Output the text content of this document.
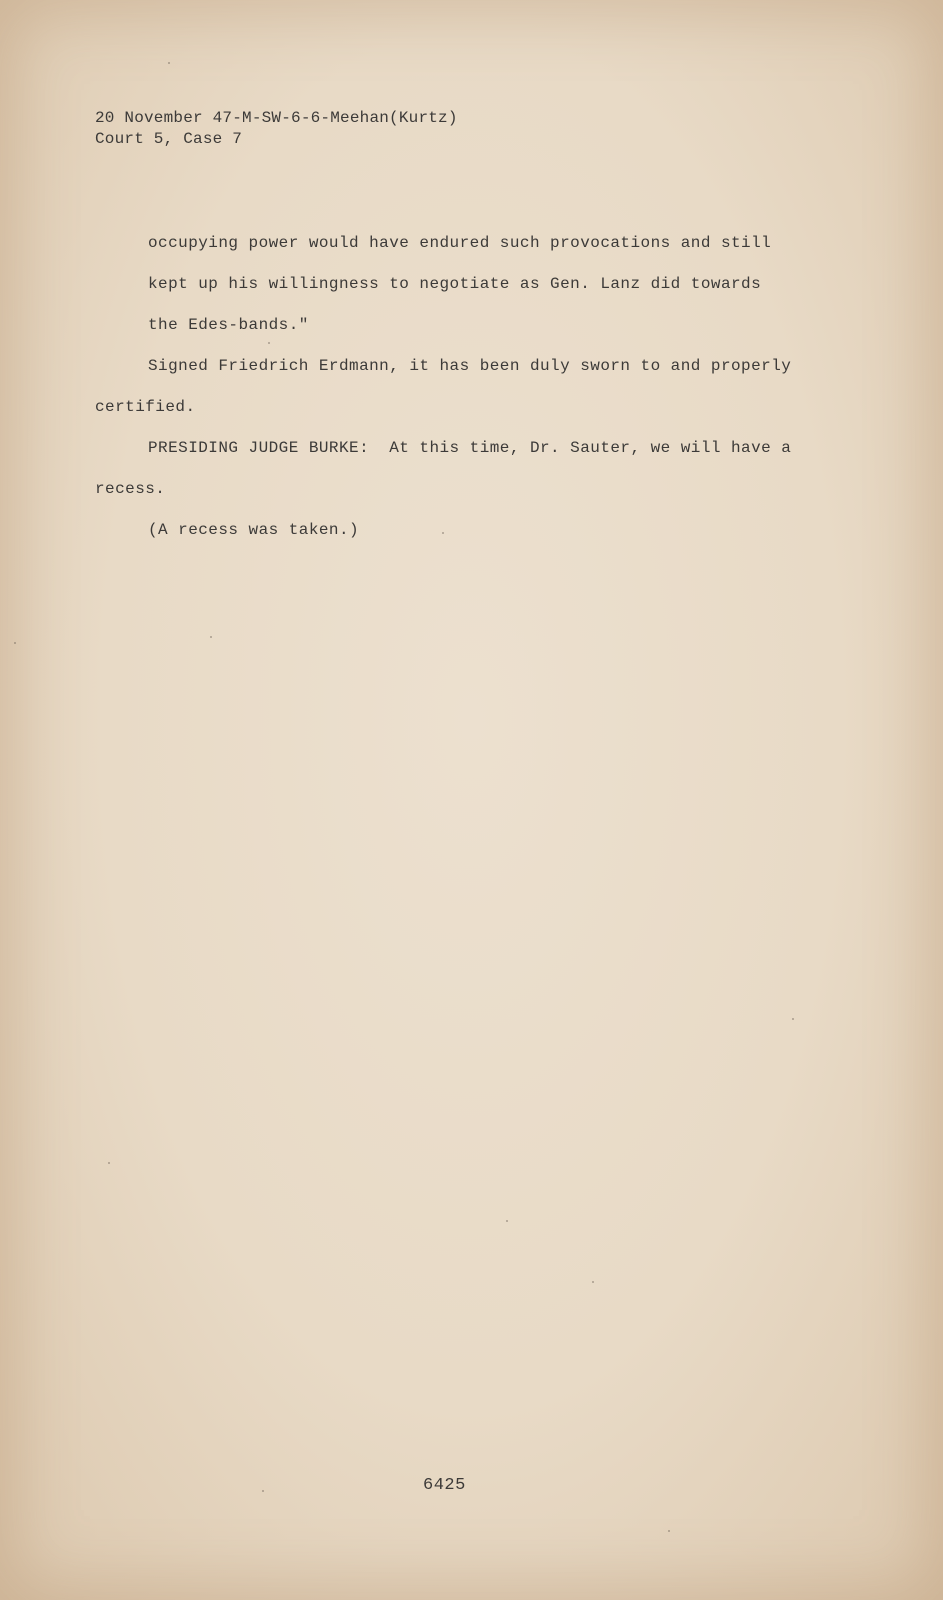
20 November 47-M-SW-6-6-Meehan(Kurtz)
Court 5, Case 7
occupying power would have endured such provocations and still
kept up his willingness to negotiate as Gen. Lanz did towards
the Edes-bands."
Signed Friedrich Erdmann, it has been duly sworn to and properly
certified.
PRESIDING JUDGE BURKE:  At this time, Dr. Sauter, we will have a
recess.
(A recess was taken.)
6425
